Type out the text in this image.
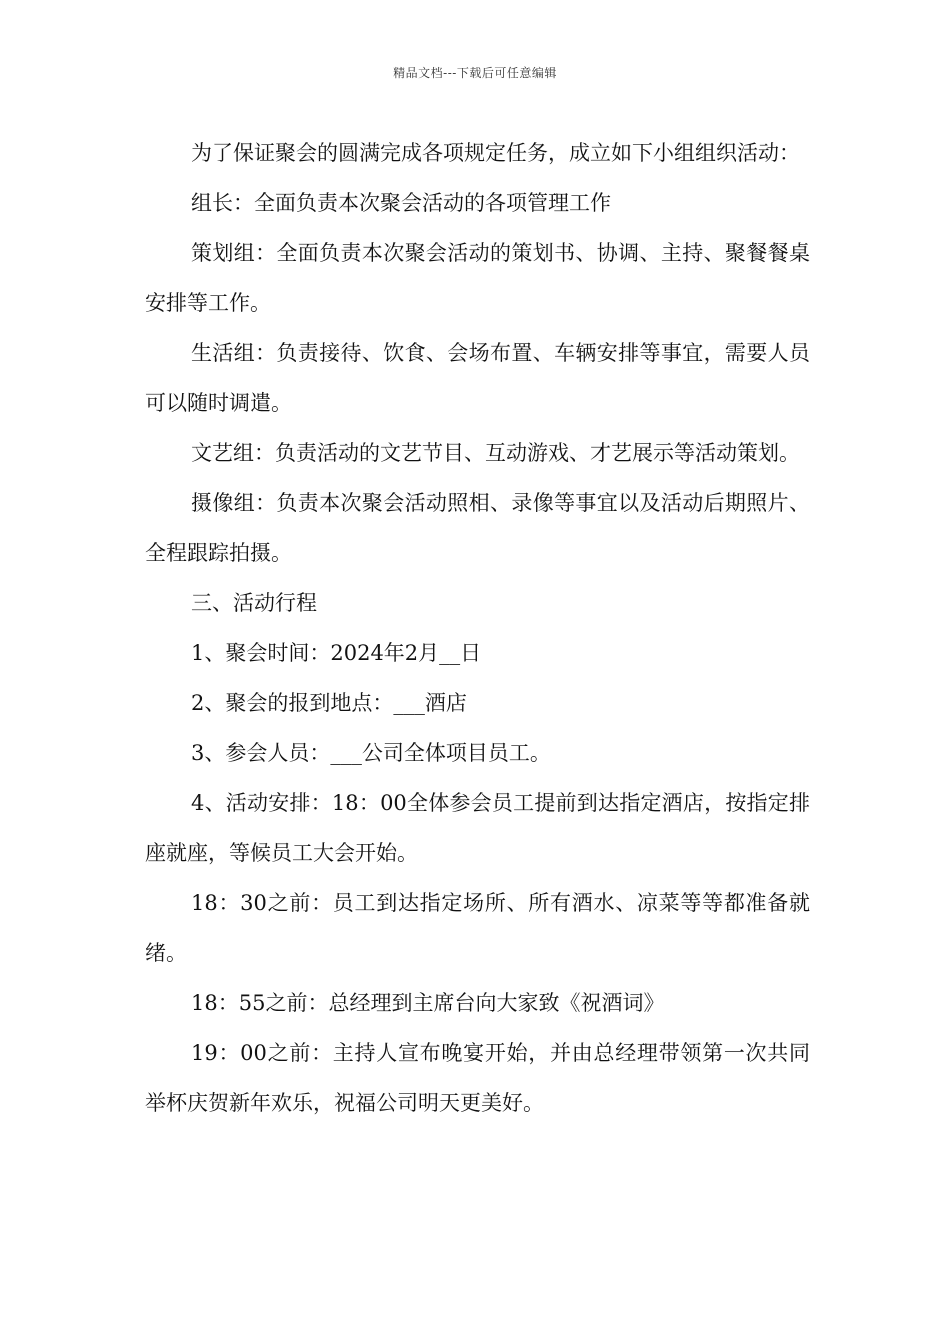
精品文档---下载后可任意编辑

为了保证聚会的圆满完成各项规定任务，成立如下小组组织活动：

组长：全面负责本次聚会活动的各项管理工作

策划组：全面负责本次聚会活动的策划书、协调、主持、聚餐餐桌安排等工作。

生活组：负责接待、饮食、会场布置、车辆安排等事宜，需要人员可以随时调遣。

文艺组：负责活动的文艺节目、互动游戏、才艺展示等活动策划。

摄像组：负责本次聚会活动照相、录像等事宜以及活动后期照片、全程跟踪拍摄。

三、活动行程

1、聚会时间：2024年2月__日

2、聚会的报到地点：___酒店

3、参会人员：___公司全体项目员工。

4、活动安排：18：00全体参会员工提前到达指定酒店，按指定排座就座，等候员工大会开始。

18：30之前：员工到达指定场所、所有酒水、凉菜等等都准备就绪。

18：55之前：总经理到主席台向大家致《祝酒词》

19：00之前：主持人宣布晚宴开始，并由总经理带领第一次共同举杯庆贺新年欢乐，祝福公司明天更美好。
